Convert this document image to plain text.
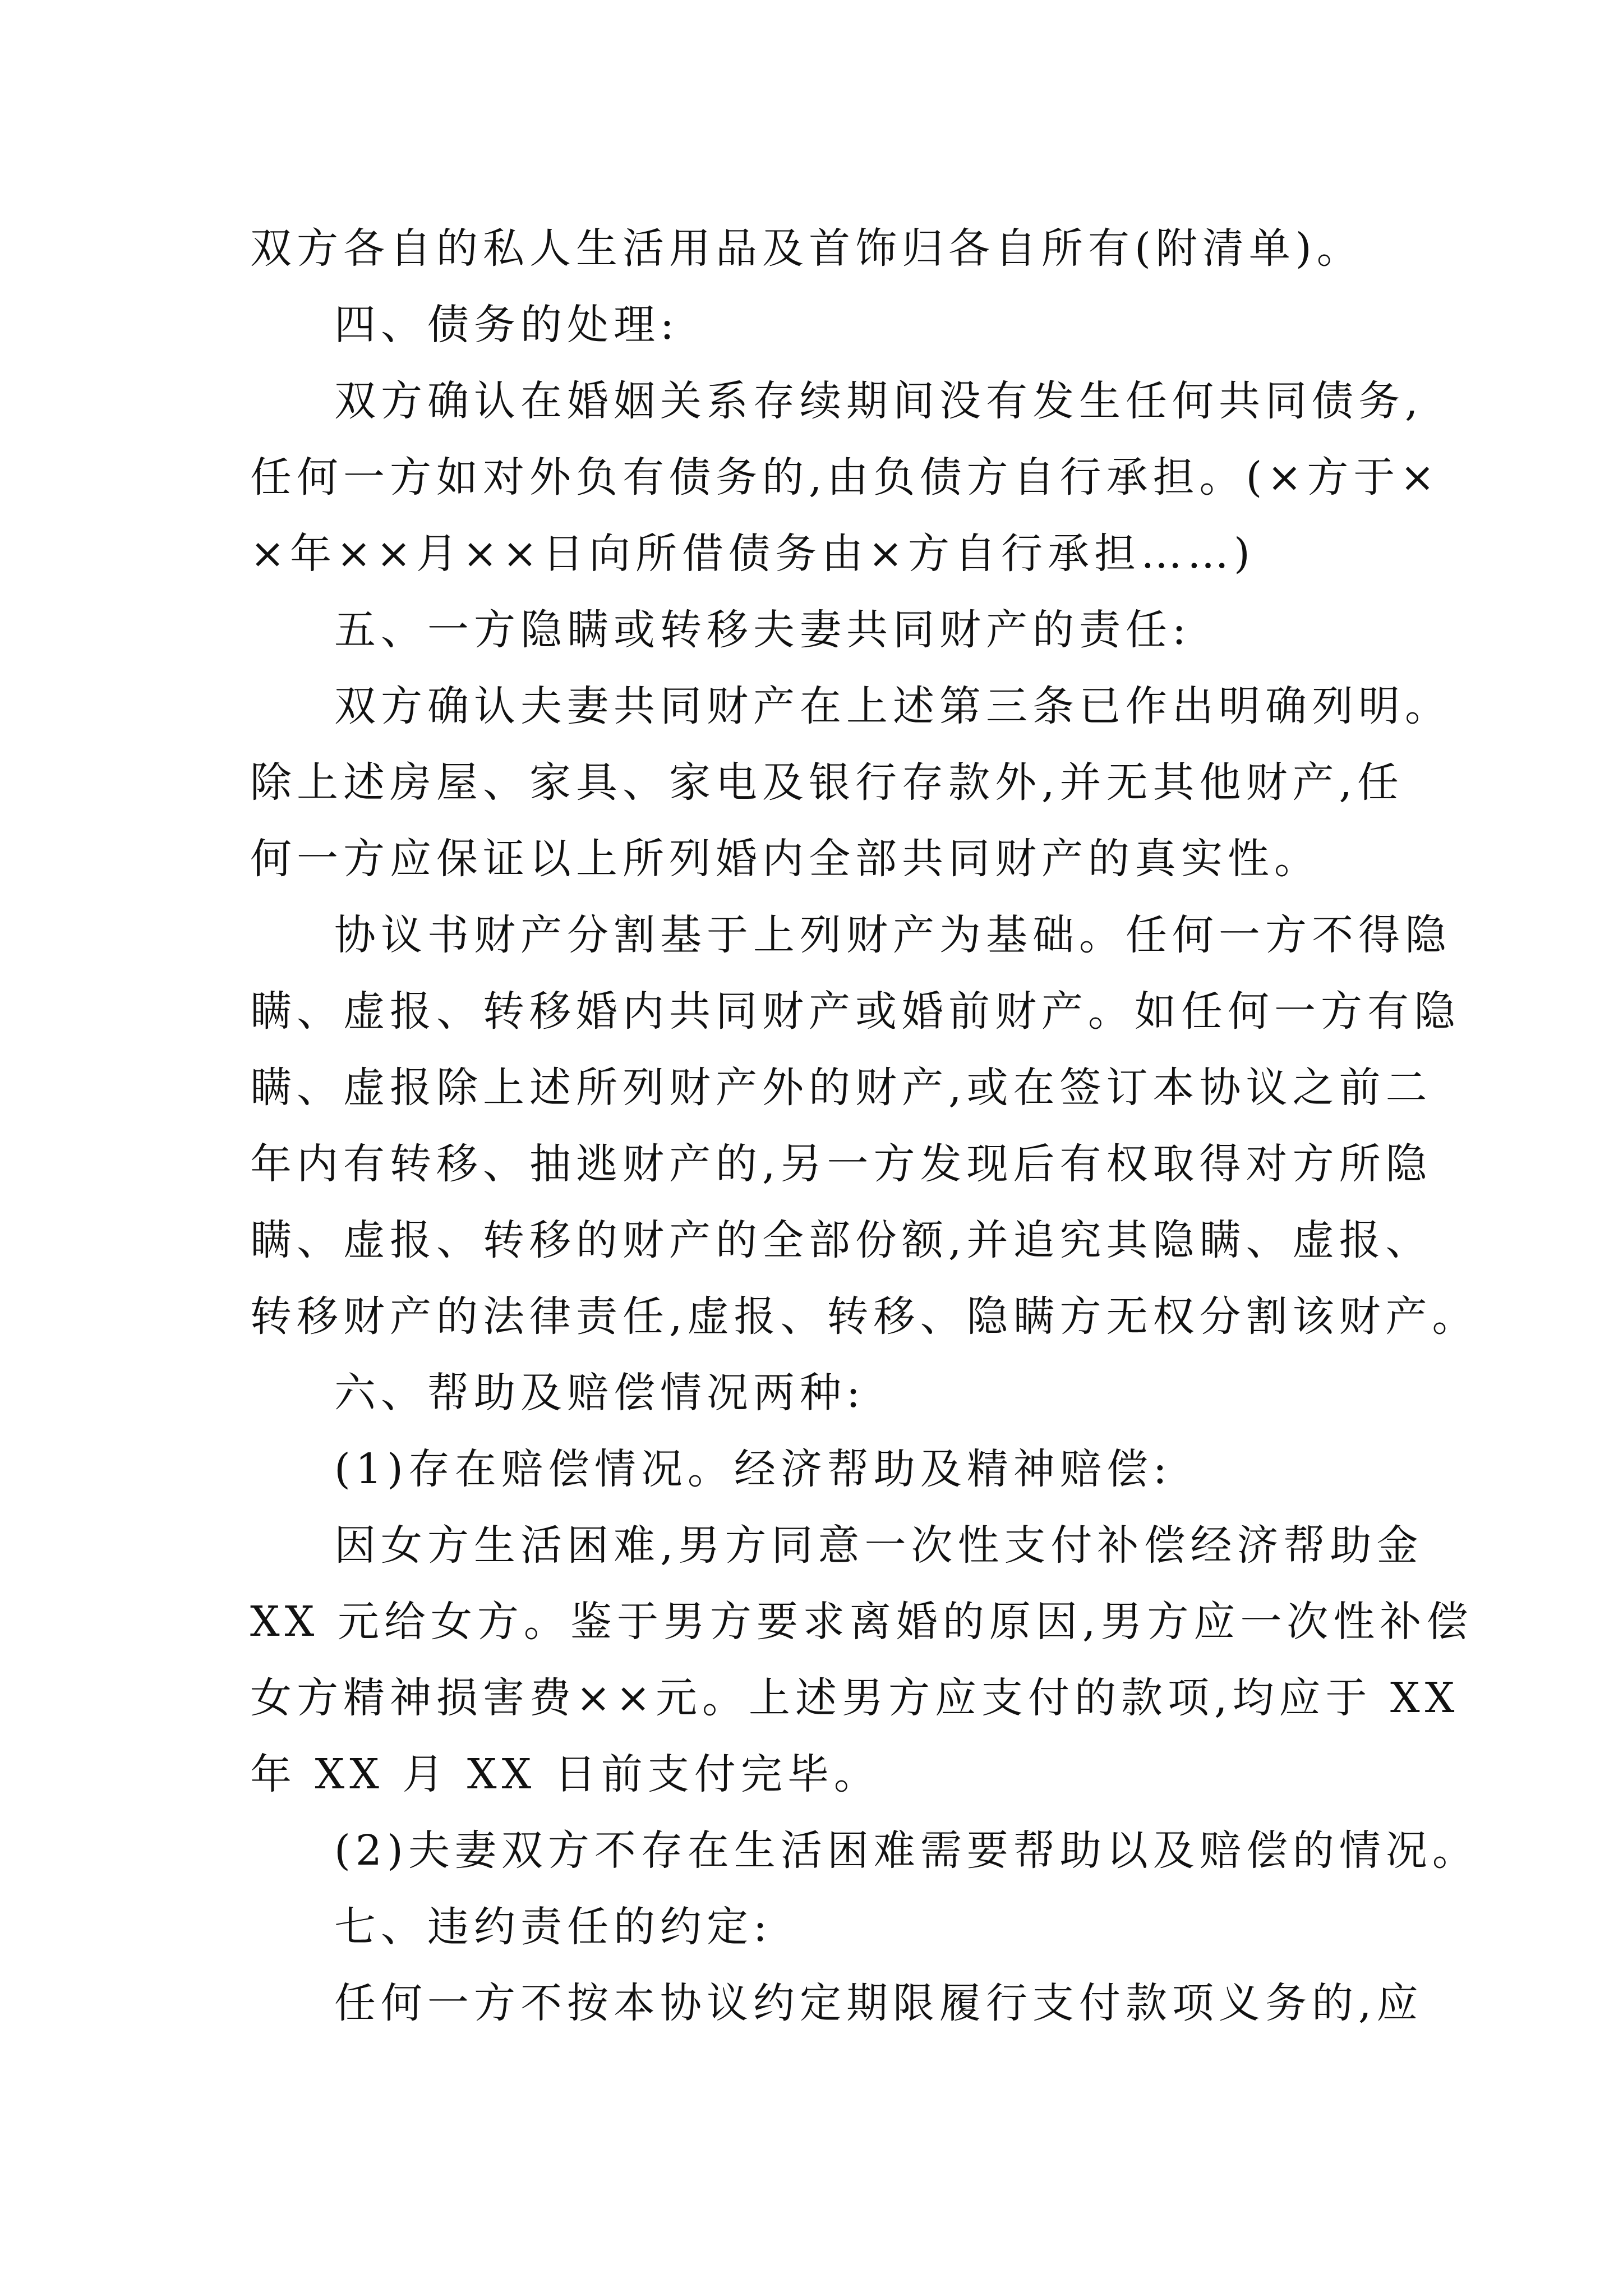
双方各自的私人生活用品及首饰归各自所有(附清单)。
四、债务的处理:
双方确认在婚姻关系存续期间没有发生任何共同债务,
任何一方如对外负有债务的,由负债方自行承担。(×方于×
×年××月××日向所借债务由×方自行承担……)
五、一方隐瞒或转移夫妻共同财产的责任:
双方确认夫妻共同财产在上述第三条已作出明确列明。
除上述房屋、家具、家电及银行存款外,并无其他财产,任
何一方应保证以上所列婚内全部共同财产的真实性。
协议书财产分割基于上列财产为基础。任何一方不得隐
瞒、虚报、转移婚内共同财产或婚前财产。如任何一方有隐
瞒、虚报除上述所列财产外的财产,或在签订本协议之前二
年内有转移、抽逃财产的,另一方发现后有权取得对方所隐
瞒、虚报、转移的财产的全部份额,并追究其隐瞒、虚报、
转移财产的法律责任,虚报、转移、隐瞒方无权分割该财产。
六、帮助及赔偿情况两种:
(1)存在赔偿情况。经济帮助及精神赔偿:
因女方生活困难,男方同意一次性支付补偿经济帮助金
XX 元给女方。鉴于男方要求离婚的原因,男方应一次性补偿
女方精神损害费××元。上述男方应支付的款项,均应于 XX
年 XX 月 XX 日前支付完毕。
(2)夫妻双方不存在生活困难需要帮助以及赔偿的情况。
七、违约责任的约定:
任何一方不按本协议约定期限履行支付款项义务的,应
